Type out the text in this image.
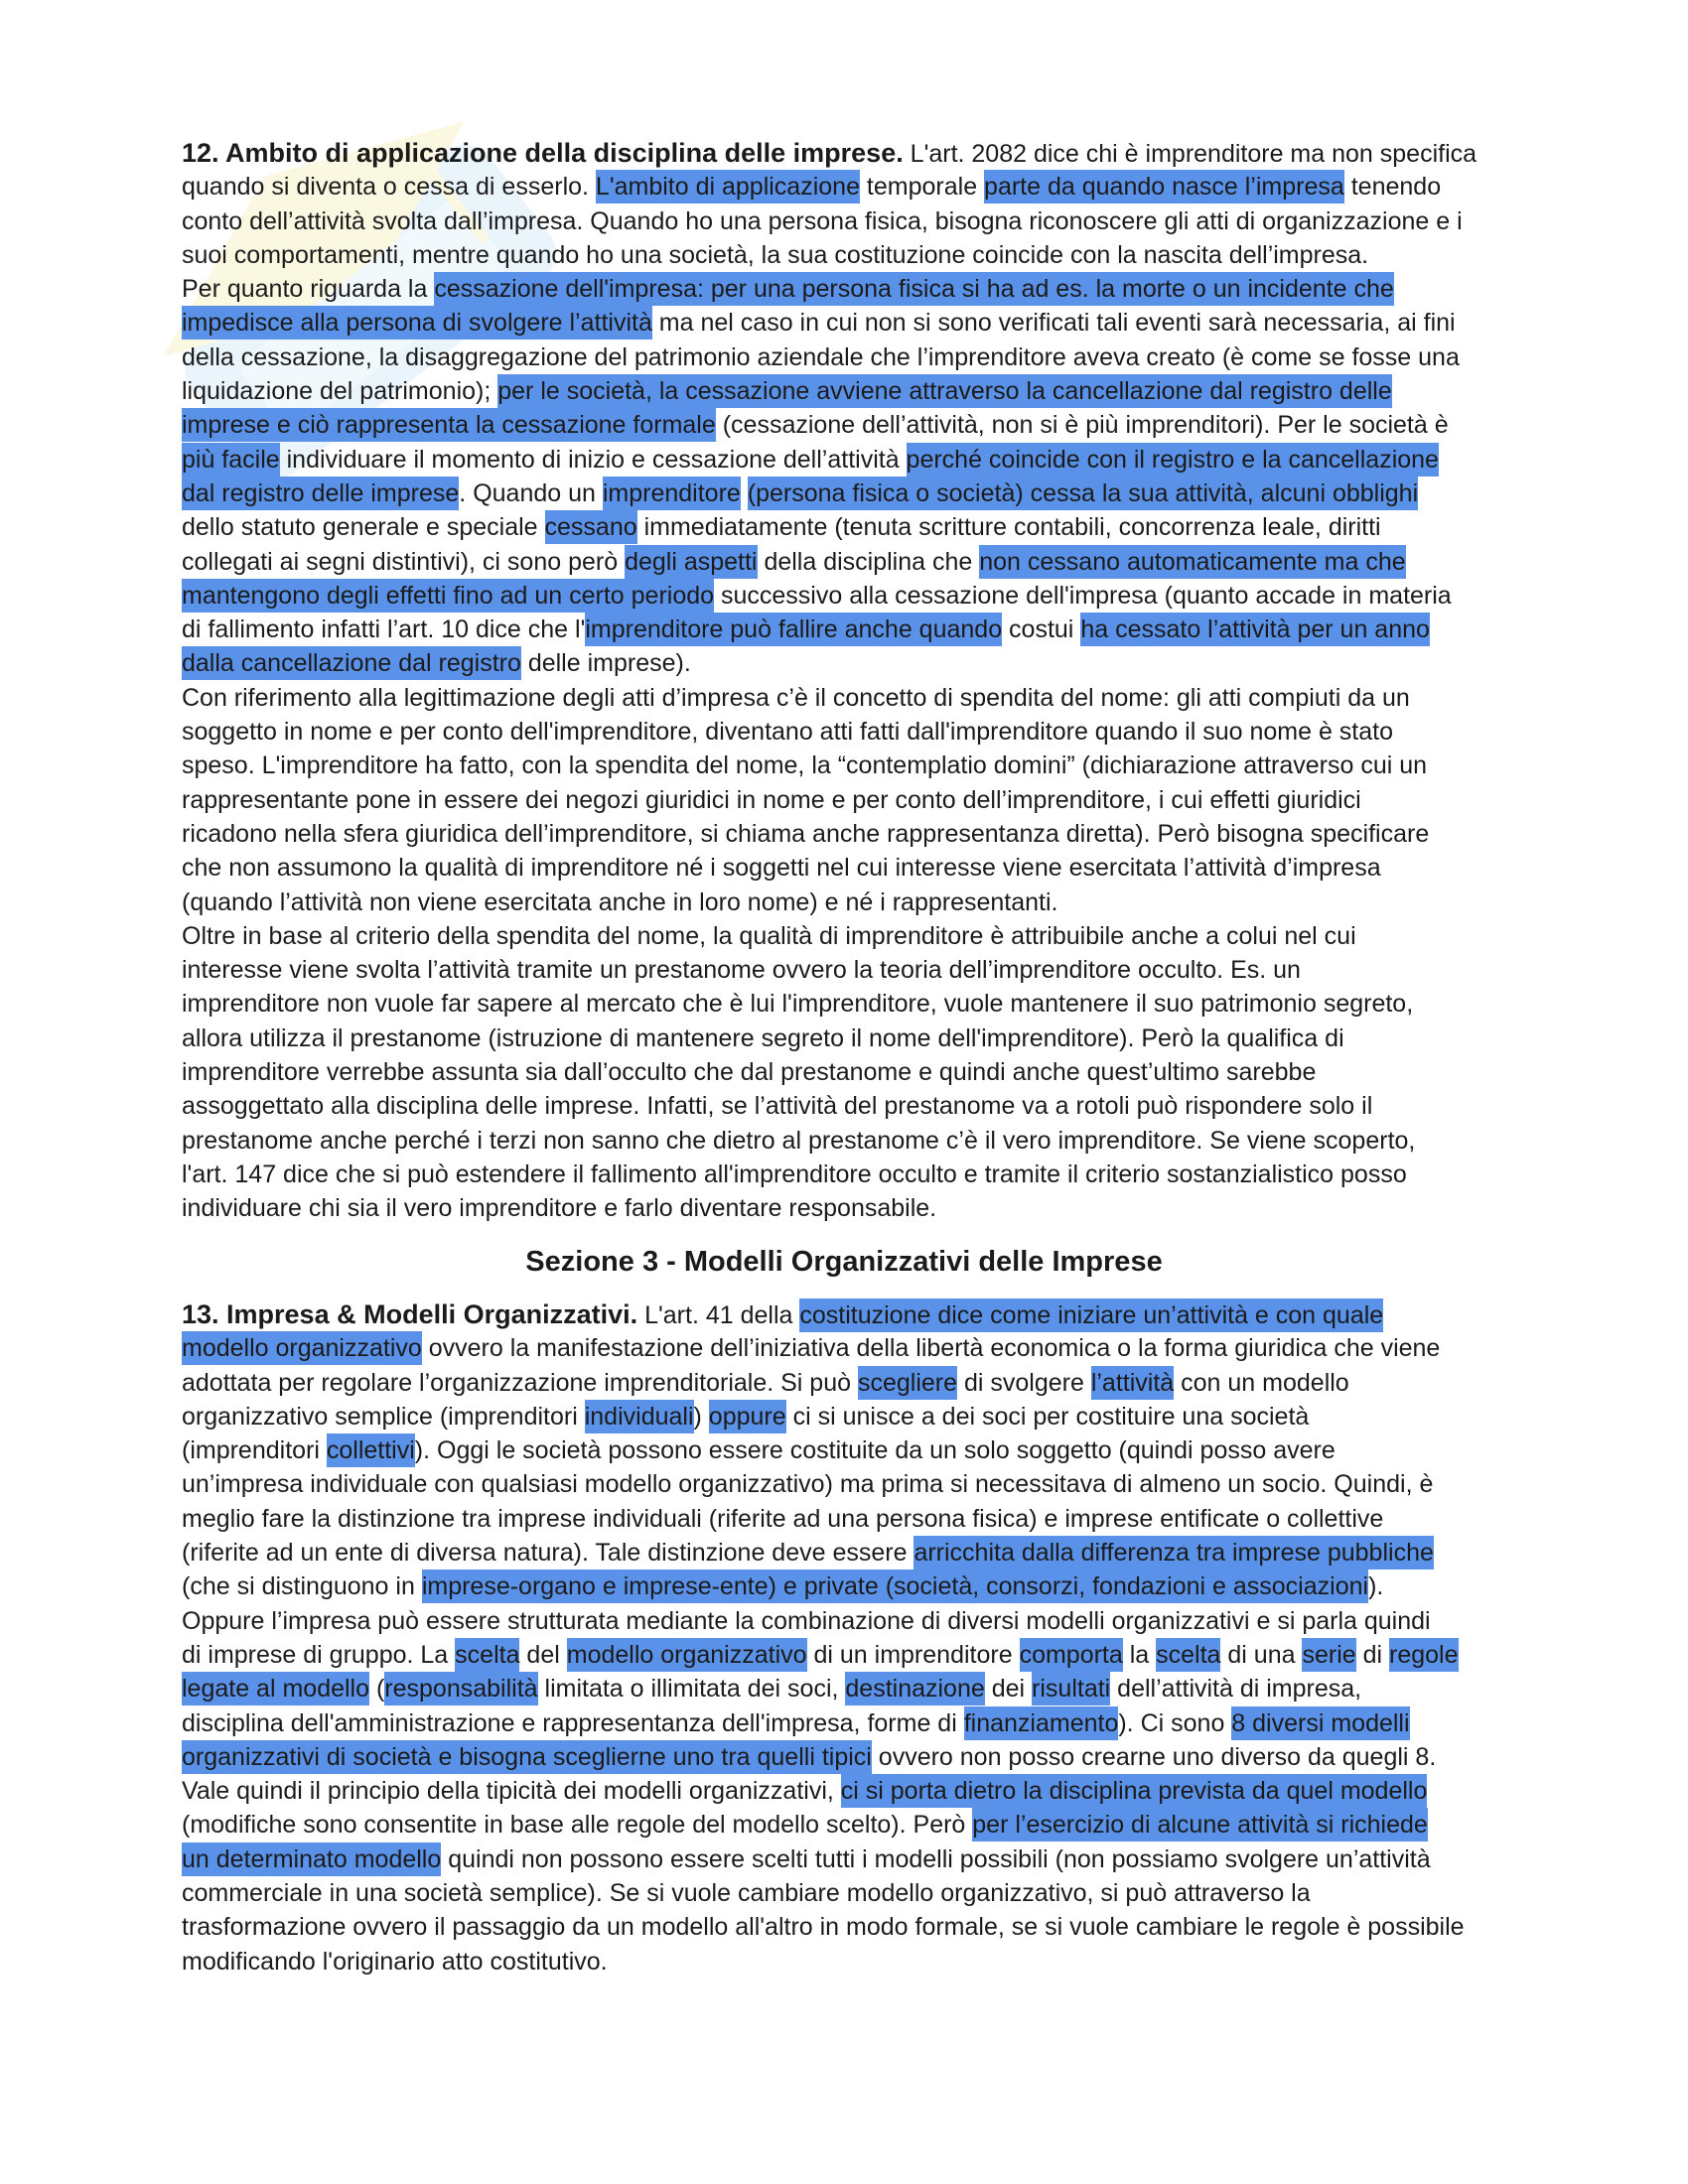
12. Ambito di applicazione della disciplina delle imprese. L'art. 2082 dice chi è imprenditore ma non specifica
quando si diventa o cessa di esserlo. L'ambito di applicazione temporale parte da quando nasce l’impresa tenendo
conto dell’attività svolta dall’impresa. Quando ho una persona fisica, bisogna riconoscere gli atti di organizzazione e i
suoi comportamenti, mentre quando ho una società, la sua costituzione coincide con la nascita dell’impresa.
Per quanto riguarda la cessazione dell'impresa: per una persona fisica si ha ad es. la morte o un incidente che
impedisce alla persona di svolgere l’attività ma nel caso in cui non si sono verificati tali eventi sarà necessaria, ai fini
della cessazione, la disaggregazione del patrimonio aziendale che l’imprenditore aveva creato (è come se fosse una
liquidazione del patrimonio); per le società, la cessazione avviene attraverso la cancellazione dal registro delle
imprese e ciò rappresenta la cessazione formale (cessazione dell’attività, non si è più imprenditori). Per le società è
più facile individuare il momento di inizio e cessazione dell’attività perché coincide con il registro e la cancellazione
dal registro delle imprese. Quando un imprenditore (persona fisica o società) cessa la sua attività, alcuni obblighi
dello statuto generale e speciale cessano immediatamente (tenuta scritture contabili, concorrenza leale, diritti
collegati ai segni distintivi), ci sono però degli aspetti della disciplina che non cessano automaticamente ma che
mantengono degli effetti fino ad un certo periodo successivo alla cessazione dell'impresa (quanto accade in materia
di fallimento infatti l’art. 10 dice che l'imprenditore può fallire anche quando costui ha cessato l’attività per un anno
dalla cancellazione dal registro delle imprese).
Con riferimento alla legittimazione degli atti d’impresa c’è il concetto di spendita del nome: gli atti compiuti da un
soggetto in nome e per conto dell'imprenditore, diventano atti fatti dall'imprenditore quando il suo nome è stato
speso. L'imprenditore ha fatto, con la spendita del nome, la “contemplatio domini” (dichiarazione attraverso cui un
rappresentante pone in essere dei negozi giuridici in nome e per conto dell’imprenditore, i cui effetti giuridici
ricadono nella sfera giuridica dell’imprenditore, si chiama anche rappresentanza diretta). Però bisogna specificare
che non assumono la qualità di imprenditore né i soggetti nel cui interesse viene esercitata l’attività d’impresa
(quando l’attività non viene esercitata anche in loro nome) e né i rappresentanti.
Oltre in base al criterio della spendita del nome, la qualità di imprenditore è attribuibile anche a colui nel cui
interesse viene svolta l’attività tramite un prestanome ovvero la teoria dell’imprenditore occulto. Es. un
imprenditore non vuole far sapere al mercato che è lui l'imprenditore, vuole mantenere il suo patrimonio segreto,
allora utilizza il prestanome (istruzione di mantenere segreto il nome dell'imprenditore). Però la qualifica di
imprenditore verrebbe assunta sia dall’occulto che dal prestanome e quindi anche quest’ultimo sarebbe
assoggettato alla disciplina delle imprese. Infatti, se l’attività del prestanome va a rotoli può rispondere solo il
prestanome anche perché i terzi non sanno che dietro al prestanome c’è il vero imprenditore. Se viene scoperto,
l'art. 147 dice che si può estendere il fallimento all'imprenditore occulto e tramite il criterio sostanzialistico posso
individuare chi sia il vero imprenditore e farlo diventare responsabile.
Sezione 3 - Modelli Organizzativi delle Imprese
13. Impresa & Modelli Organizzativi. L'art. 41 della costituzione dice come iniziare un’attività e con quale
modello organizzativo ovvero la manifestazione dell’iniziativa della libertà economica o la forma giuridica che viene
adottata per regolare l’organizzazione imprenditoriale. Si può scegliere di svolgere l’attività con un modello
organizzativo semplice (imprenditori individuali) oppure ci si unisce a dei soci per costituire una società
(imprenditori collettivi). Oggi le società possono essere costituite da un solo soggetto (quindi posso avere
un’impresa individuale con qualsiasi modello organizzativo) ma prima si necessitava di almeno un socio. Quindi, è
meglio fare la distinzione tra imprese individuali (riferite ad una persona fisica) e imprese entificate o collettive
(riferite ad un ente di diversa natura). Tale distinzione deve essere arricchita dalla differenza tra imprese pubbliche
(che si distinguono in imprese-organo e imprese-ente) e private (società, consorzi, fondazioni e associazioni).
Oppure l’impresa può essere strutturata mediante la combinazione di diversi modelli organizzativi e si parla quindi
di imprese di gruppo. La scelta del modello organizzativo di un imprenditore comporta la scelta di una serie di regole
legate al modello (responsabilità limitata o illimitata dei soci, destinazione dei risultati dell’attività di impresa,
disciplina dell'amministrazione e rappresentanza dell'impresa, forme di finanziamento). Ci sono 8 diversi modelli
organizzativi di società e bisogna sceglierne uno tra quelli tipici ovvero non posso crearne uno diverso da quegli 8.
Vale quindi il principio della tipicità dei modelli organizzativi, ci si porta dietro la disciplina prevista da quel modello
(modifiche sono consentite in base alle regole del modello scelto). Però per l’esercizio di alcune attività si richiede
un determinato modello quindi non possono essere scelti tutti i modelli possibili (non possiamo svolgere un’attività
commerciale in una società semplice). Se si vuole cambiare modello organizzativo, si può attraverso la
trasformazione ovvero il passaggio da un modello all'altro in modo formale, se si vuole cambiare le regole è possibile
modificando l'originario atto costitutivo.
